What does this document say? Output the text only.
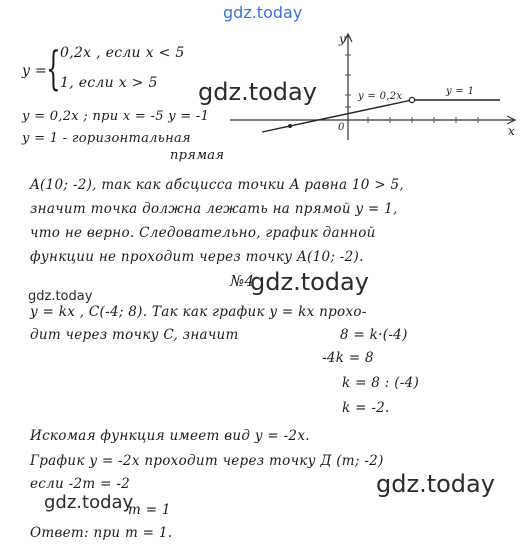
gdz.today
y = { 0,2x , если x < 5
1, если x > 5
y
x
0
y = 0,2x	y = 1
gdz.today
y = 0,2x ; при x = -5 y = -1
y = 1 - горизонтальная
прямая
A(10; -2), так как абсцисса точки A равна 10 > 5,
значит точка должна лежать на прямой y = 1,
что не верно. Следовательно, график данной
функции не проходит через точку A(10; -2).
№4
gdz.today
gdz.today
y = kx , C(-4; 8). Так как график y = kx прохо-
дит через точку C, значит	8 = k·(-4)
-4k = 8
k = 8 : (-4)
k = -2.
Искомая функция имеет вид y = -2x.
График y = -2x проходит через точку Д (m; -2)
если -2m = -2	gdz.today
gdz.today
m = 1
Ответ: при m = 1.
